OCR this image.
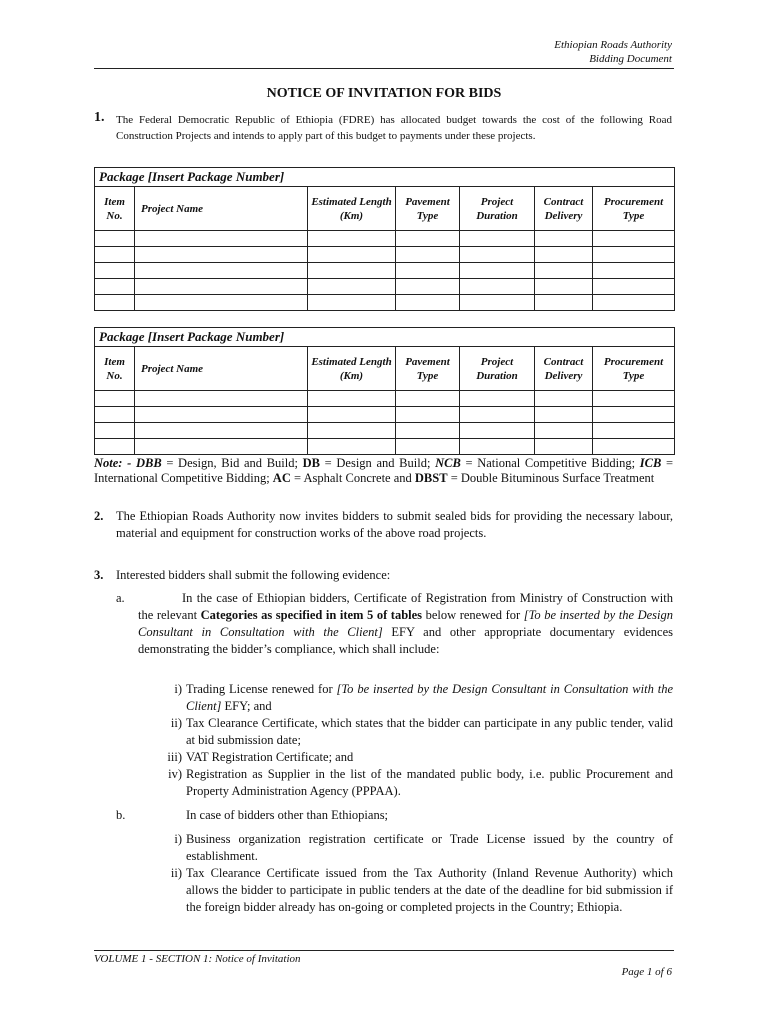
Ethiopian Roads Authority
Bidding Document
NOTICE OF INVITATION FOR BIDS
1. The Federal Democratic Republic of Ethiopia (FDRE) has allocated budget towards the cost of the following Road Construction Projects and intends to apply part of this budget to payments under these projects.
Package [Insert Package Number]						
Item No.	Project Name	Estimated Length (Km)	Pavement Type	Project Duration	Contract Delivery	Procurement Type

Package [Insert Package Number]						
Item No.	Project Name	Estimated Length (Km)	Pavement Type	Project Duration	Contract Delivery	Procurement Type

Note: - DBB = Design, Bid and Build; DB = Design and Build; NCB = National Competitive Bidding; ICB = International Competitive Bidding; AC = Asphalt Concrete and DBST = Double Bituminous Surface Treatment
2. The Ethiopian Roads Authority now invites bidders to submit sealed bids for providing the necessary labour, material and equipment for construction works of the above road projects.
3. Interested bidders shall submit the following evidence:
a.	In the case of Ethiopian bidders, Certificate of Registration from Ministry of Construction with the relevant Categories as specified in item 5 of tables below renewed for [To be inserted by the Design Consultant in Consultation with the Client] EFY and other appropriate documentary evidences demonstrating the bidder’s compliance, which shall include:
i) Trading License renewed for [To be inserted by the Design Consultant in Consultation with the Client] EFY; and
ii) Tax Clearance Certificate, which states that the bidder can participate in any public tender, valid at bid submission date;
iii) VAT Registration Certificate; and
iv) Registration as Supplier in the list of the mandated public body, i.e. public Procurement and Property Administration Agency (PPPAA).
b.	In case of bidders other than Ethiopians;
i) Business organization registration certificate or Trade License issued by the country of establishment.
ii) Tax Clearance Certificate issued from the Tax Authority (Inland Revenue Authority) which allows the bidder to participate in public tenders at the date of the deadline for bid submission if the foreign bidder already has on-going or completed projects in the Country; Ethiopia.
VOLUME 1 - SECTION 1: Notice of Invitation
Page 1 of 6
